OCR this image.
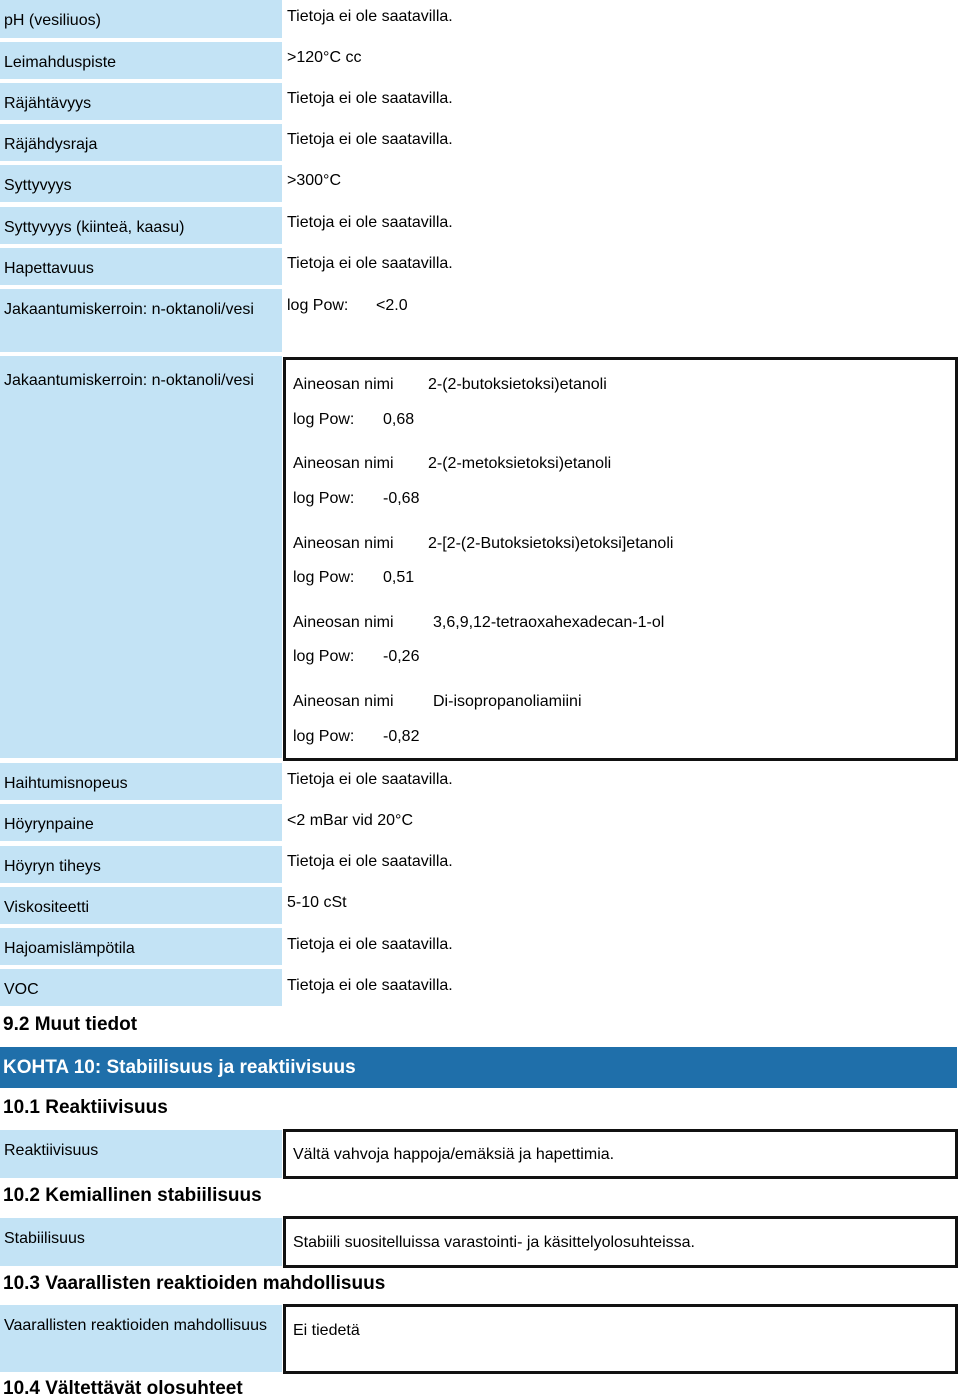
pH (vesiliuos)	Tietoja ei ole saatavilla.
Leimahduspiste	>120°C cc
Räjähtävyys	Tietoja ei ole saatavilla.
Räjähdysraja	Tietoja ei ole saatavilla.
Syttyvyys	>300°C
Syttyvyys (kiinteä, kaasu)	Tietoja ei ole saatavilla.
Hapettavuus	Tietoja ei ole saatavilla.
Jakaantumiskerroin: n-oktanoli/vesi	log Pow: <2.0
Jakaantumiskerroin: n-oktanoli/vesi	Aineosan nimi 2-(2-butoksietoksi)etanoli
log Pow: 0,68
Aineosan nimi 2-(2-metoksietoksi)etanoli
log Pow: -0,68
Aineosan nimi 2-[2-(2-Butoksietoksi)etoksi]etanoli
log Pow: 0,51
Aineosan nimi 3,6,9,12-tetraoxahexadecan-1-ol
log Pow: -0,26
Aineosan nimi Di-isopropanoliamiini
log Pow: -0,82
Haihtumisnopeus	Tietoja ei ole saatavilla.
Höyrynpaine	<2 mBar vid 20°C
Höyryn tiheys	Tietoja ei ole saatavilla.
Viskositeetti	5-10 cSt
Hajoamislämpötila	Tietoja ei ole saatavilla.
VOC	Tietoja ei ole saatavilla.
9.2 Muut tiedot
KOHTA 10: Stabiilisuus ja reaktiivisuus
10.1 Reaktiivisuus
Reaktiivisuus	Vältä vahvoja happoja/emäksiä ja hapettimia.
10.2 Kemiallinen stabiilisuus
Stabiilisuus	Stabiili suositelluissa varastointi- ja käsittelyolosuhteissa.
10.3 Vaarallisten reaktioiden mahdollisuus
Vaarallisten reaktioiden mahdollisuus	Ei tiedetä
10.4 Vältettävät olosuhteet
